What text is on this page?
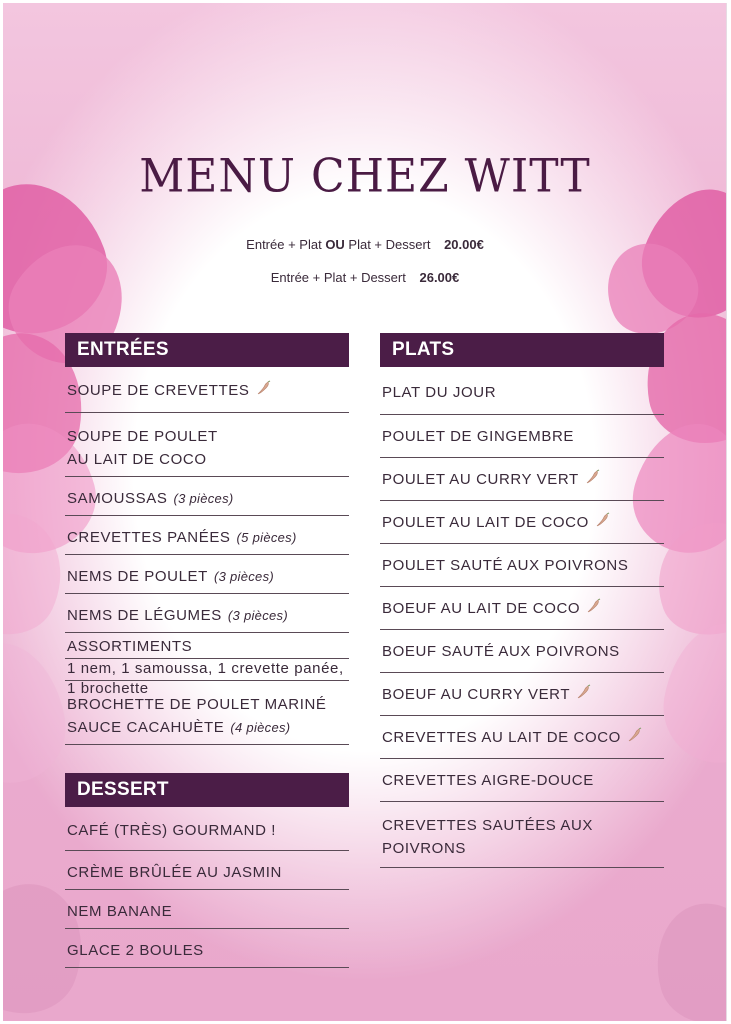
MENU CHEZ WITT
Entrée + Plat OU Plat + Dessert 20.00€
Entrée + Plat + Dessert 26.00€
ENTRÉES
SOUPE DE CREVETTES
SOUPE DE POULET
AU LAIT DE COCO
SAMOUSSAS (3 pièces)
CREVETTES PANÉES (5 pièces)
NEMS DE POULET (3 pièces)
NEMS DE LÉGUMES (3 pièces)
ASSORTIMENTS
1 nem, 1 samoussa, 1 crevette panée, 1 brochette
BROCHETTE DE POULET MARINÉ
SAUCE CACAHUÈTE (4 pièces)
DESSERT
CAFÉ (TRÈS) GOURMAND !
CRÈME BRÛLÉE AU JASMIN
NEM BANANE
GLACE 2 BOULES
PLATS
PLAT DU JOUR
POULET DE GINGEMBRE
POULET AU CURRY VERT
POULET AU LAIT DE COCO
POULET SAUTÉ AUX POIVRONS
BOEUF AU LAIT DE COCO
BOEUF SAUTÉ AUX POIVRONS
BOEUF AU CURRY VERT
CREVETTES AU LAIT DE COCO
CREVETTES AIGRE-DOUCE
CREVETTES SAUTÉES AUX
POIVRONS
